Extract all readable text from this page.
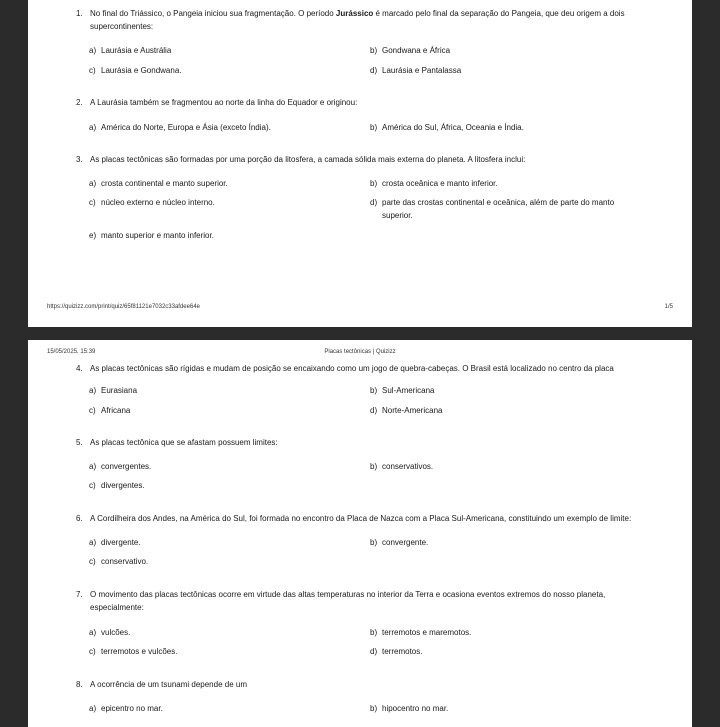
1. No final do Triássico, o Pangeia iniciou sua fragmentação. O período Jurássico é marcado pelo final da separação do Pangeia, que deu origem a dois supercontinentes:
a) Laurásia e Austrália	b) Gondwana e África
c) Laurásia e Gondwana.	d) Laurásia e Pantalassa
2. A Laurásia também se fragmentou ao norte da linha do Equador e originou:
a) América do Norte, Europa e Ásia (exceto Índia).	b) América do Sul, África, Oceania e Índia.
3. As placas tectônicas são formadas por uma porção da litosfera, a camada sólida mais externa do planeta. A litosfera inclui:
a) crosta continental e manto superior.	b) crosta oceânica e manto inferior.
c) núcleo externo e núcleo interno.	d) parte das crostas continental e oceânica, além de parte do manto superior.
e) manto superior e manto inferior.
https://quizizz.com/print/quiz/65f81121e7032c33afdee64e	1/5
15/05/2025, 15:39	Placas tectônicas | Quizizz
4. As placas tectônicas são rígidas e mudam de posição se encaixando como um jogo de quebra-cabeças. O Brasil está localizado no centro da placa
a) Eurasiana	b) Sul-Americana
c) Africana	d) Norte-Americana
5. As placas tectônica que se afastam possuem limites:
a) convergentes.	b) conservativos.
c) divergentes.
6. A Cordilheira dos Andes, na América do Sul, foi formada no encontro da Placa de Nazca com a Placa Sul-Americana, constituindo um exemplo de limite:
a) divergente.	b) convergente.
c) conservativo.
7. O movimento das placas tectônicas ocorre em virtude das altas temperaturas no interior da Terra e ocasiona eventos extremos do nosso planeta, especialmente:
a) vulcões.	b) terremotos e maremotos.
c) terremotos e vulcões.	d) terremotos.
8. A ocorrência de um tsunami depende de um
a) epicentro no mar.	b) hipocentro no mar.
